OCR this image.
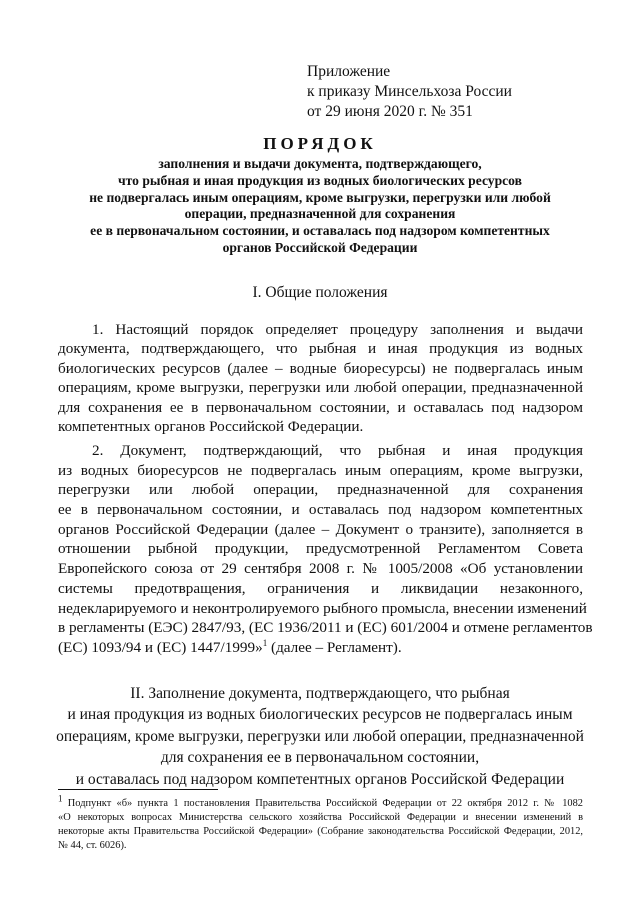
Приложение
к приказу Минсельхоза России
от 29 июня 2020 г. № 351
ПОРЯДОК
заполнения и выдачи документа, подтверждающего,
что рыбная и иная продукция из водных биологических ресурсов
не подвергалась иным операциям, кроме выгрузки, перегрузки или любой
операции, предназначенной для сохранения
ее в первоначальном состоянии, и оставалась под надзором компетентных
органов Российской Федерации
I. Общие положения
1. Настоящий порядок определяет процедуру заполнения и выдачи
документа, подтверждающего, что рыбная и иная продукция из водных
биологических ресурсов (далее – водные биоресурсы) не подвергалась иным
операциям, кроме выгрузки, перегрузки или любой операции, предназначенной
для сохранения ее в первоначальном состоянии, и оставалась под надзором
компетентных органов Российской Федерации.
2. Документ, подтверждающий, что рыбная и иная продукция
из водных биоресурсов не подвергалась иным операциям, кроме выгрузки,
перегрузки или любой операции, предназначенной для сохранения
ее в первоначальном состоянии, и оставалась под надзором компетентных
органов Российской Федерации (далее – Документ о транзите), заполняется в
отношении рыбной продукции, предусмотренной Регламентом Совета
Европейского союза от 29 сентября 2008 г. № 1005/2008 «Об установлении
системы предотвращения, ограничения и ликвидации незаконного,
недекларируемого и неконтролируемого рыбного промысла, внесении изменений
в регламенты (ЕЭС) 2847/93, (ЕС 1936/2011 и (ЕС) 601/2004 и отмене регламентов
(ЕС) 1093/94 и (ЕС) 1447/1999»$^1$ (далее – Регламент).
II. Заполнение документа, подтверждающего, что рыбная
и иная продукция из водных биологических ресурсов не подвергалась иным
операциям, кроме выгрузки, перегрузки или любой операции, предназначенной
для сохранения ее в первоначальном состоянии,
и оставалась под надзором компетентных органов Российской Федерации
$^1$ Подпункт «б» пункта 1 постановления Правительства Российской Федерации от 22 октября 2012 г. № 1082
«О некоторых вопросах Министерства сельского хозяйства Российской Федерации и внесении изменений в
некоторые акты Правительства Российской Федерации» (Собрание законодательства Российской Федерации, 2012,
№ 44, ст. 6026).
